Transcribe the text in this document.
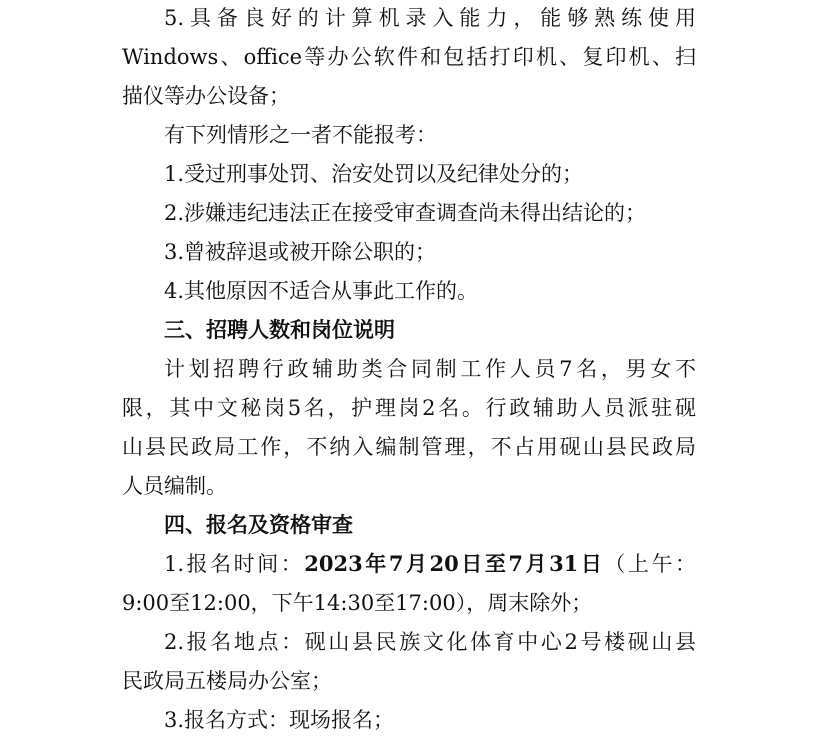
5.具备良好的计算机录入能力，能够熟练使用
Windows、office等办公软件和包括打印机、复印机、扫
描仪等办公设备；
有下列情形之一者不能报考：
1.受过刑事处罚、治安处罚以及纪律处分的；
2.涉嫌违纪违法正在接受审查调查尚未得出结论的；
3.曾被辞退或被开除公职的；
4.其他原因不适合从事此工作的。
三、招聘人数和岗位说明
计划招聘行政辅助类合同制工作人员7名，男女不
限，其中文秘岗5名，护理岗2名。行政辅助人员派驻砚
山县民政局工作，不纳入编制管理，不占用砚山县民政局
人员编制。
四、报名及资格审查
1.报名时间：2023年7月20日至7月31日（上午：
9:00至12:00，下午14:30至17:00），周末除外；
2.报名地点：砚山县民族文化体育中心2号楼砚山县
民政局五楼局办公室；
3.报名方式：现场报名；
